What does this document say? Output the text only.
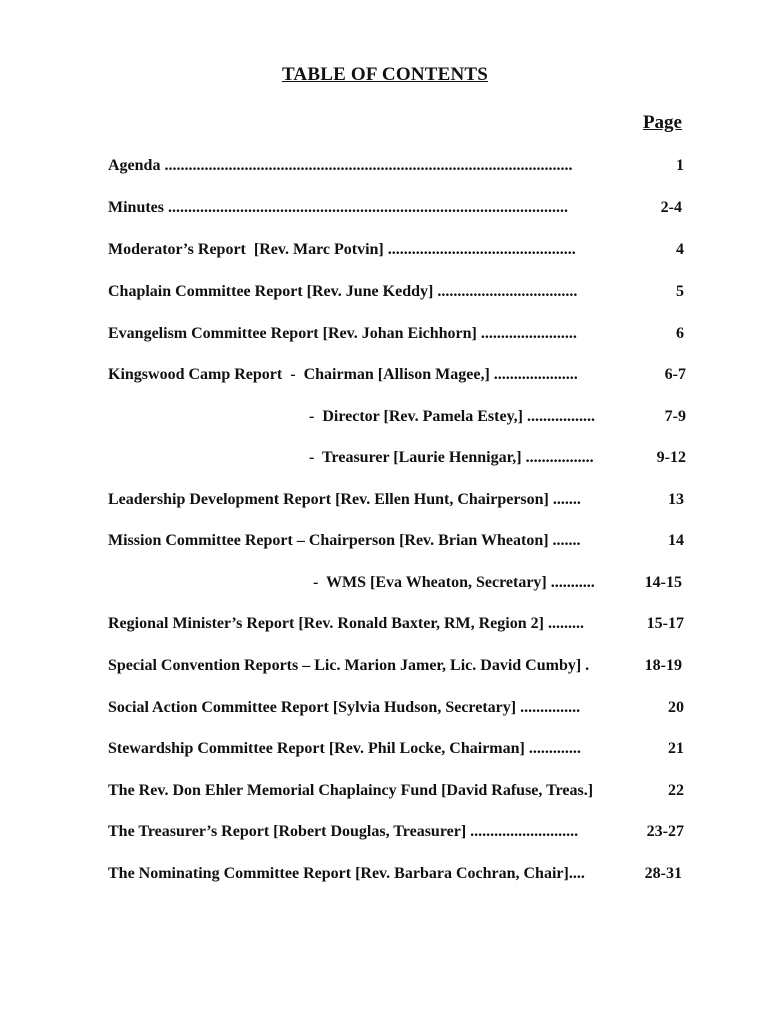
TABLE OF CONTENTS
Page
Agenda ......................................................................................................	1
Minutes ....................................................................................................	2-4
Moderator’s Report  [Rev. Marc Potvin] ...............................................	4
Chaplain Committee Report [Rev. June Keddy] ...................................	5
Evangelism Committee Report [Rev. Johan Eichhorn] ........................	6
Kingswood Camp Report  -  Chairman [Allison Magee,] .....................	6-7
-  Director [Rev. Pamela Estey,] .................	7-9
-  Treasurer [Laurie Hennigar,] .................	9-12
Leadership Development Report [Rev. Ellen Hunt, Chairperson] .......	13
Mission Committee Report – Chairperson [Rev. Brian Wheaton] .......	14
-  WMS [Eva Wheaton, Secretary] ...........	14-15
Regional Minister’s Report [Rev. Ronald Baxter, RM, Region 2] .........	15-17
Special Convention Reports – Lic. Marion Jamer, Lic. David Cumby] .	18-19
Social Action Committee Report [Sylvia Hudson, Secretary] ...............	20
Stewardship Committee Report [Rev. Phil Locke, Chairman] .............	21
The Rev. Don Ehler Memorial Chaplaincy Fund [David Rafuse, Treas.]	22
The Treasurer’s Report [Robert Douglas, Treasurer] ...........................	23-27
The Nominating Committee Report [Rev. Barbara Cochran, Chair]....	28-31
